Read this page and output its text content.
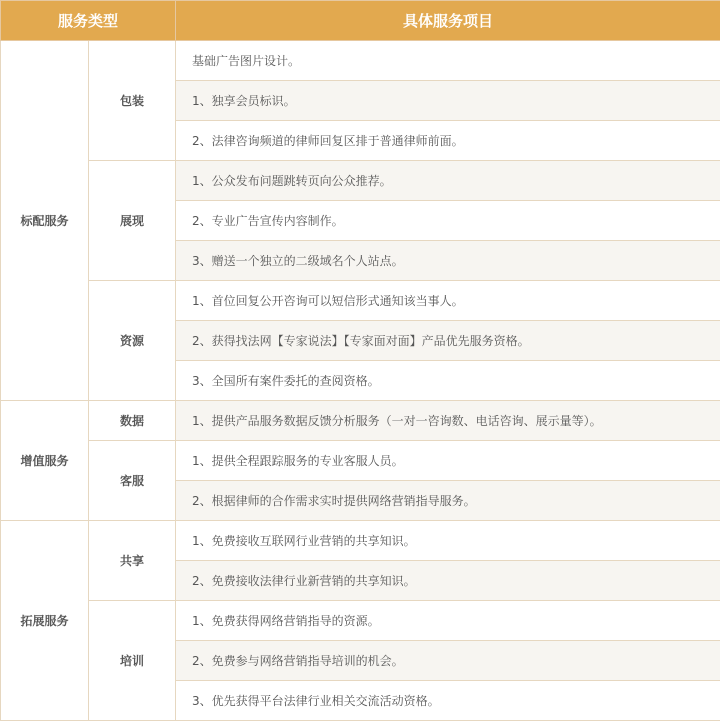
服务类型		具体服务项目
标配服务	包装	基础广告图片设计。
		1、独享会员标识。
		2、法律咨询频道的律师回复区排于普通律师前面。
	展现	1、公众发布问题跳转页向公众推荐。
		2、专业广告宣传内容制作。
		3、赠送一个独立的二级域名个人站点。
	资源	1、首位回复公开咨询可以短信形式通知该当事人。
		2、获得找法网【专家说法】【专家面对面】产品优先服务资格。
		3、全国所有案件委托的查阅资格。
增值服务	数据	1、提供产品服务数据反馈分析服务（一对一咨询数、电话咨询、展示量等）。
	客服	1、提供全程跟踪服务的专业客服人员。
		2、根据律师的合作需求实时提供网络营销指导服务。
拓展服务	共享	1、免费接收互联网行业营销的共享知识。
		2、免费接收法律行业新营销的共享知识。
	培训	1、免费获得网络营销指导的资源。
		2、免费参与网络营销指导培训的机会。
		3、优先获得平台法律行业相关交流活动资格。
